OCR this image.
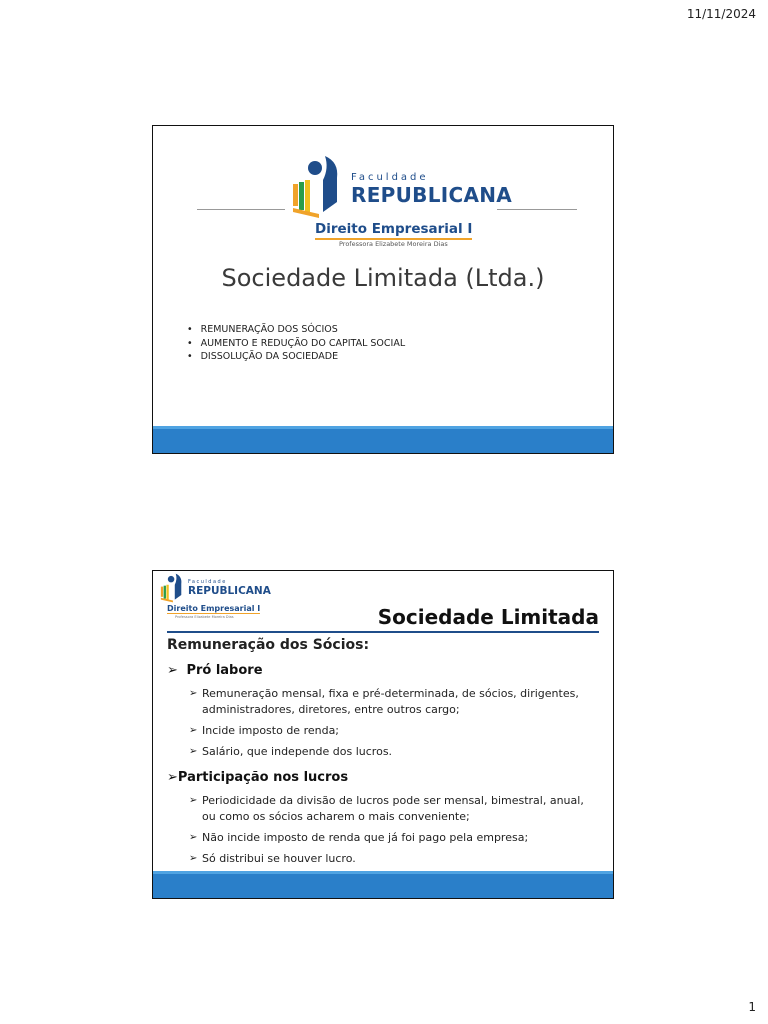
11/11/2024
Faculdade
REPUBLICANA
Direito Empresarial I
Professora Elizabete Moreira Dias
Sociedade Limitada (Ltda.)
• REMUNERAÇÃO DOS SÓCIOS
• AUMENTO E REDUÇÃO DO CAPITAL SOCIAL
• DISSOLUÇÃO DA SOCIEDADE
Faculdade
REPUBLICANA
Direito Empresarial I
Professora Elizabete Moreira Dias	Sociedade Limitada
Remuneração dos Sócios:
➢ Pró labore
➢ Remuneração mensal, fixa e pré-determinada, de sócios, dirigentes, administradores, diretores, entre outros cargo;
➢ Incide imposto de renda;
➢ Salário, que independe dos lucros.
➢Participação nos lucros
➢ Periodicidade da divisão de lucros pode ser mensal, bimestral, anual, ou como os sócios acharem o mais conveniente;
➢ Não incide imposto de renda que já foi pago pela empresa;
➢ Só distribui se houver lucro.
1
